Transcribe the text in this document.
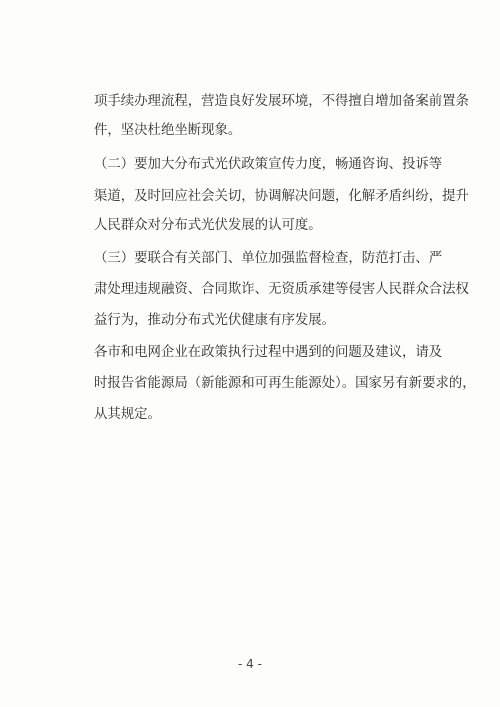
项手续办理流程，营造良好发展环境，不得擅自增加备案前置条
件，坚决杜绝坐断现象。
（二）要加大分布式光伏政策宣传力度，畅通咨询、投诉等
渠道，及时回应社会关切，协调解决问题，化解矛盾纠纷，提升
人民群众对分布式光伏发展的认可度。
（三）要联合有关部门、单位加强监督检查，防范打击、严
肃处理违规融资、合同欺诈、无资质承建等侵害人民群众合法权
益行为，推动分布式光伏健康有序发展。
各市和电网企业在政策执行过程中遇到的问题及建议，请及
时报告省能源局（新能源和可再生能源处）。国家另有新要求的，
从其规定。
- 4 -
